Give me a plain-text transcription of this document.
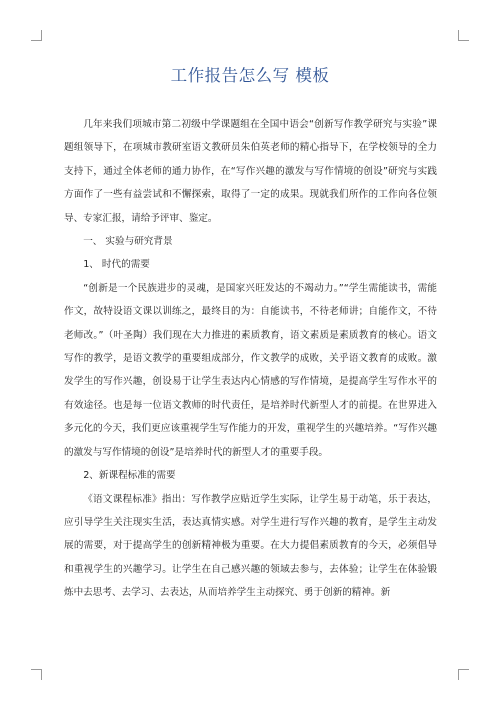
工作报告怎么写 模板

几年来我们项城市第二初级中学课题组在全国中语会“创新写作教学研究与实验”课题组领导下，在项城市教研室语文教研员朱伯英老师的精心指导下，在学校领导的全力支持下，通过全体老师的通力协作，在“写作兴趣的激发与写作情境的创设”研究与实践方面作了一些有益尝试和不懈探索，取得了一定的成果。现就我们所作的工作向各位领导、专家汇报，请给予评审、鉴定。

一、 实验与研究背景

1、 时代的需要

“创新是一个民族进步的灵魂，是国家兴旺发达的不竭动力。”“学生需能读书，需能作文，故特设语文课以训练之，最终目的为：自能读书，不待老师讲；自能作文，不待老师改。”（叶圣陶）我们现在大力推进的素质教育，语文素质是素质教育的核心。语文写作的教学，是语文教学的重要组成部分，作文教学的成败，关乎语文教育的成败。激发学生的写作兴趣，创设易于让学生表达内心情感的写作情境，是提高学生写作水平的有效途径。也是每一位语文教师的时代责任，是培养时代新型人才的前提。在世界进入多元化的今天，我们更应该重视学生写作能力的开发，重视学生的兴趣培养。“写作兴趣的激发与写作情境的创设”是培养时代的新型人才的重要手段。

2、新课程标准的需要

《语文课程标准》指出：写作教学应贴近学生实际，让学生易于动笔，乐于表达，应引导学生关注现实生活，表达真情实感。对学生进行写作兴趣的教育，是学生主动发展的需要，对于提高学生的创新精神极为重要。在大力提倡素质教育的今天，必须倡导和重视学生的兴趣学习。让学生在自己感兴趣的领域去参与，去体验；让学生在体验锻炼中去思考、去学习、去表达，从而培养学生主动探究、勇于创新的精神。新
